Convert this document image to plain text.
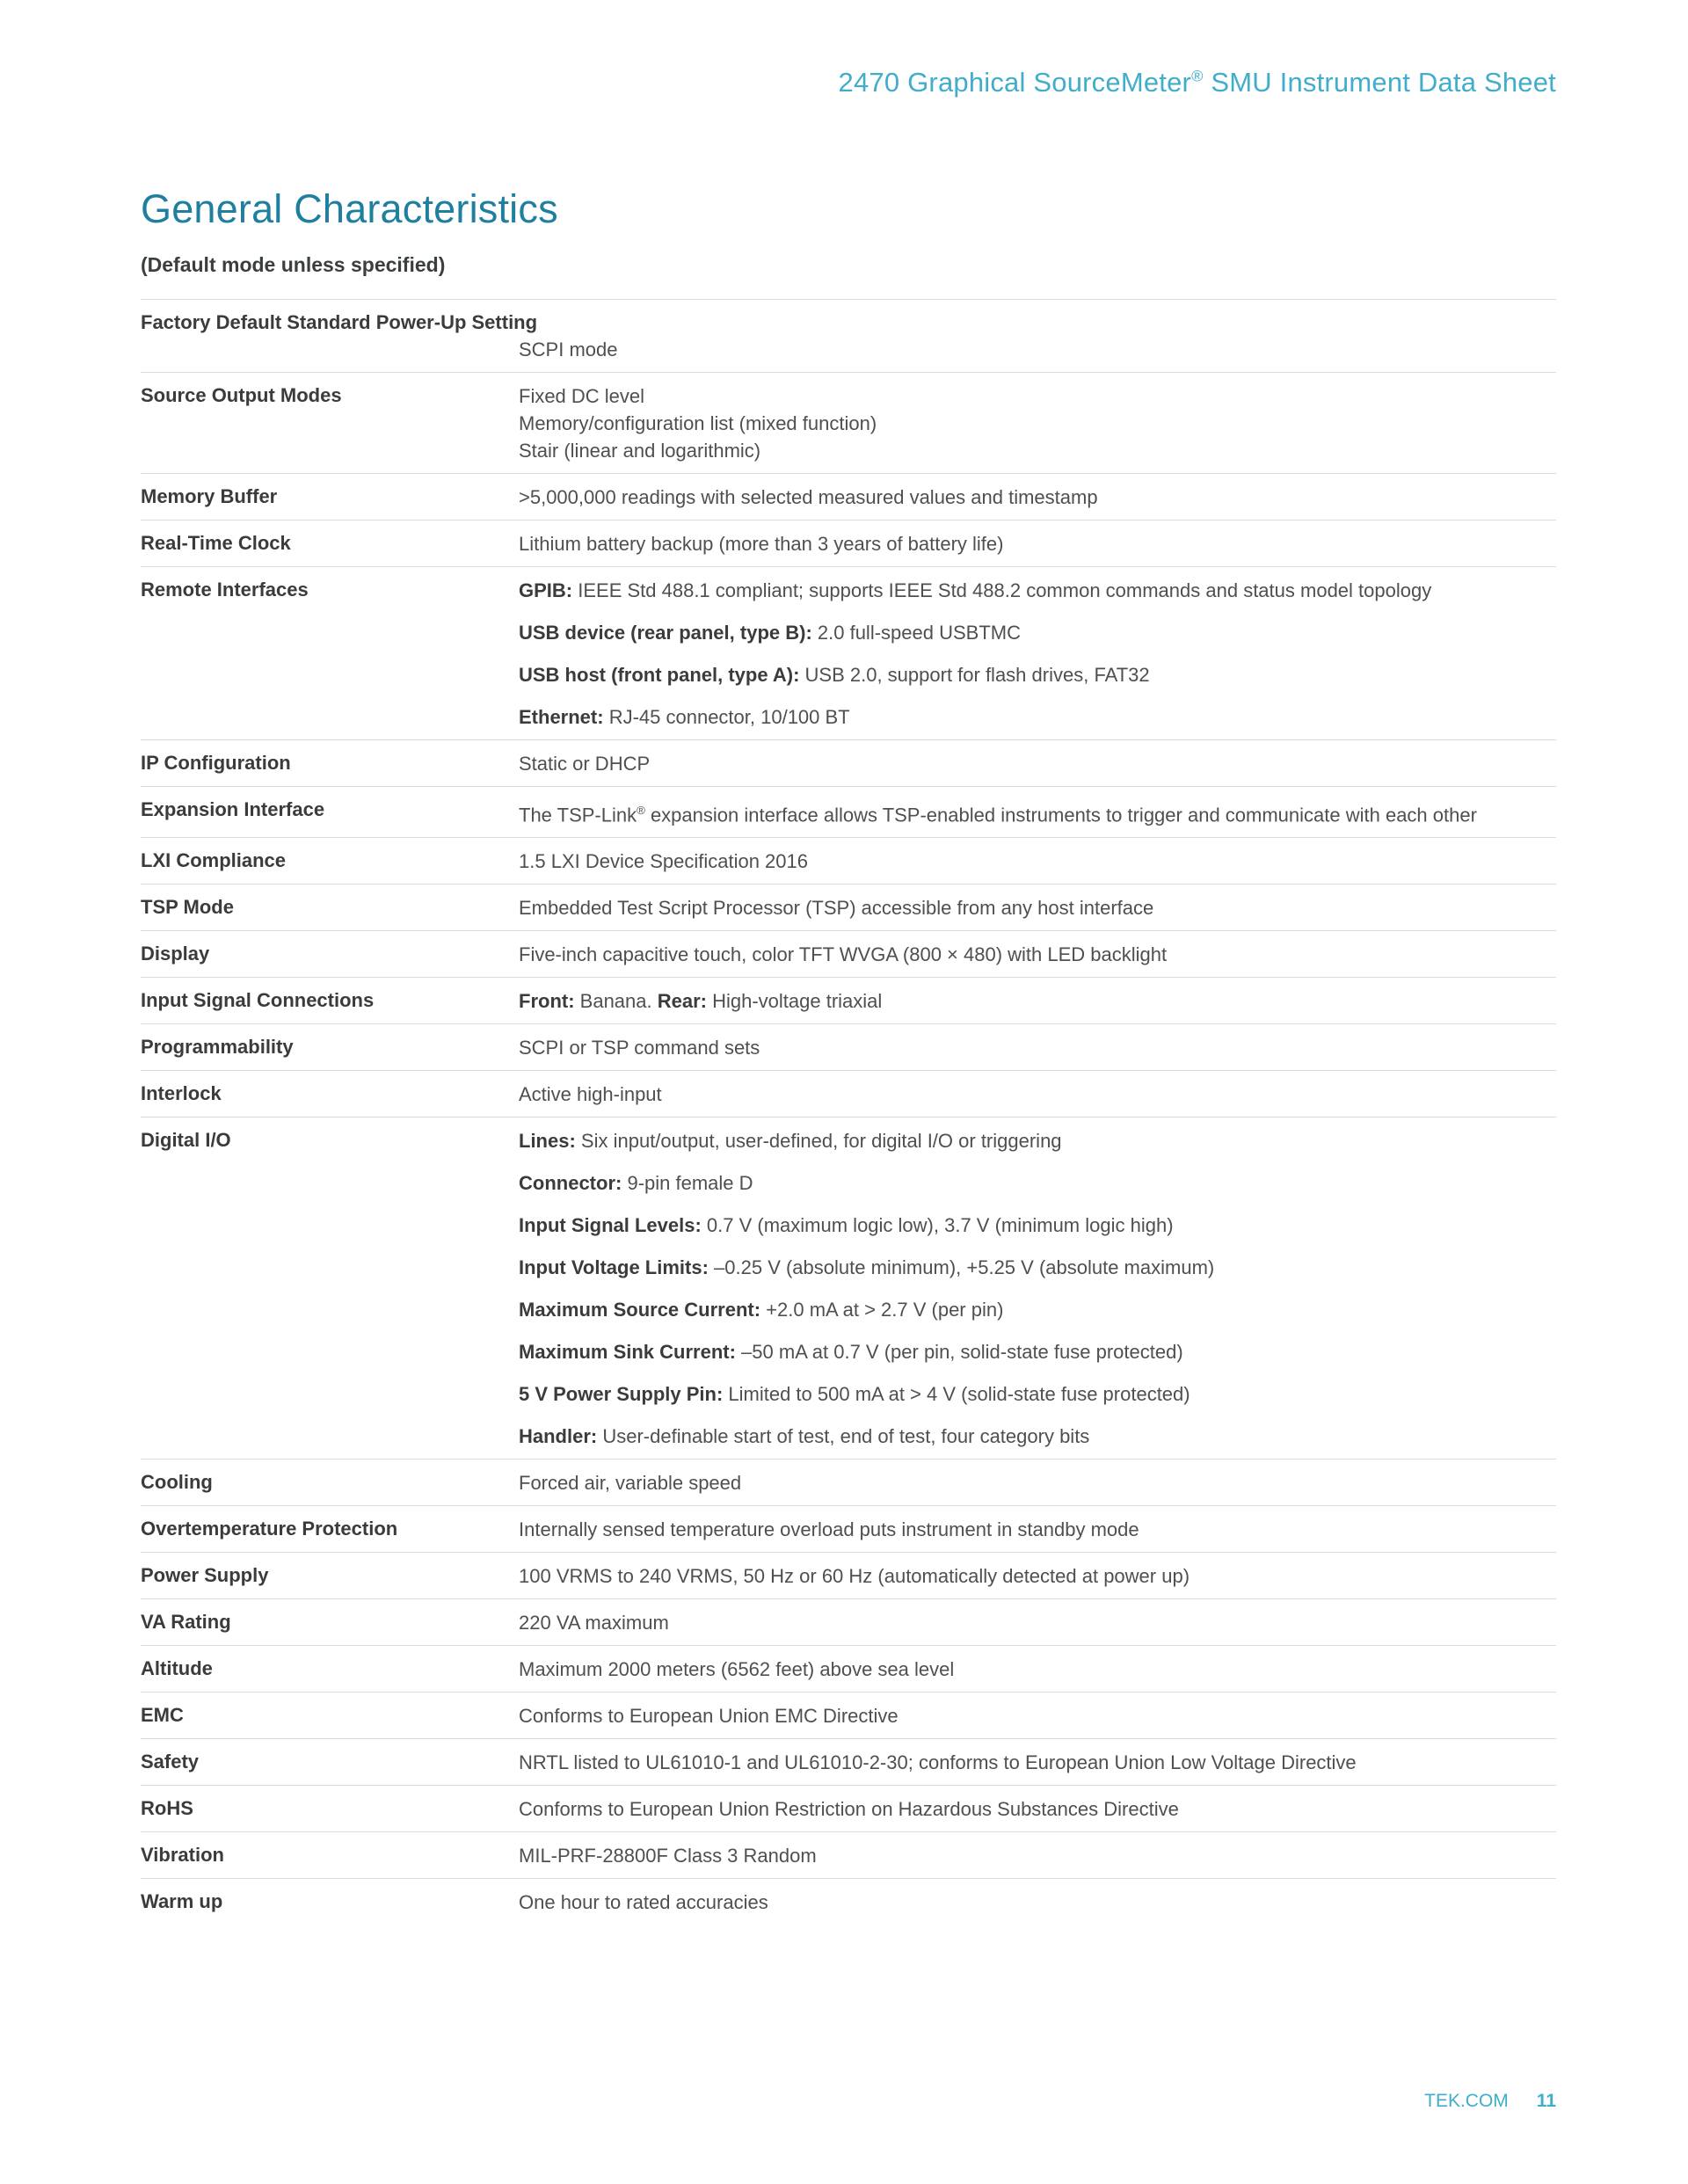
2470 Graphical SourceMeter® SMU Instrument Data Sheet
General Characteristics
(Default mode unless specified)
Factory Default Standard Power-Up Setting

SCPI mode

Source Output Modes	Fixed DC level

Memory/configuration list (mixed function)

Stair (linear and logarithmic)

Memory Buffer	>5,000,000 readings with selected measured values and timestamp

Real-Time Clock	Lithium battery backup (more than 3 years of battery life)

Remote Interfaces	GPIB: IEEE Std 488.1 compliant; supports IEEE Std 488.2 common commands and status model topology

USB device (rear panel, type B): 2.0 full-speed USBTMC

USB host (front panel, type A): USB 2.0, support for flash drives, FAT32

Ethernet: RJ-45 connector, 10/100 BT

IP Configuration	Static or DHCP

Expansion Interface	The TSP-Link® expansion interface allows TSP-enabled instruments to trigger and communicate with each other

LXI Compliance	1.5 LXI Device Specification 2016

TSP Mode	Embedded Test Script Processor (TSP) accessible from any host interface

Display	Five-inch capacitive touch, color TFT WVGA (800 × 480) with LED backlight

Input Signal Connections	Front: Banana. Rear: High-voltage triaxial

Programmability	SCPI or TSP command sets

Interlock	Active high-input

Digital I/O	Lines: Six input/output, user-defined, for digital I/O or triggering

Connector: 9-pin female D

Input Signal Levels: 0.7 V (maximum logic low), 3.7 V (minimum logic high)

Input Voltage Limits: –0.25 V (absolute minimum), +5.25 V (absolute maximum)

Maximum Source Current: +2.0 mA at > 2.7 V (per pin)

Maximum Sink Current: –50 mA at 0.7 V (per pin, solid-state fuse protected)

5 V Power Supply Pin: Limited to 500 mA at > 4 V (solid-state fuse protected)

Handler: User-definable start of test, end of test, four category bits

Cooling	Forced air, variable speed

Overtemperature Protection	Internally sensed temperature overload puts instrument in standby mode

Power Supply	100 VRMS to 240 VRMS, 50 Hz or 60 Hz (automatically detected at power up)

VA Rating	220 VA maximum

Altitude	Maximum 2000 meters (6562 feet) above sea level

EMC	Conforms to European Union EMC Directive

Safety	NRTL listed to UL61010-1 and UL61010-2-30; conforms to European Union Low Voltage Directive

RoHS	Conforms to European Union Restriction on Hazardous Substances Directive

Vibration	MIL-PRF-28800F Class 3 Random

Warm up	One hour to rated accuracies

TEK.COM 11
